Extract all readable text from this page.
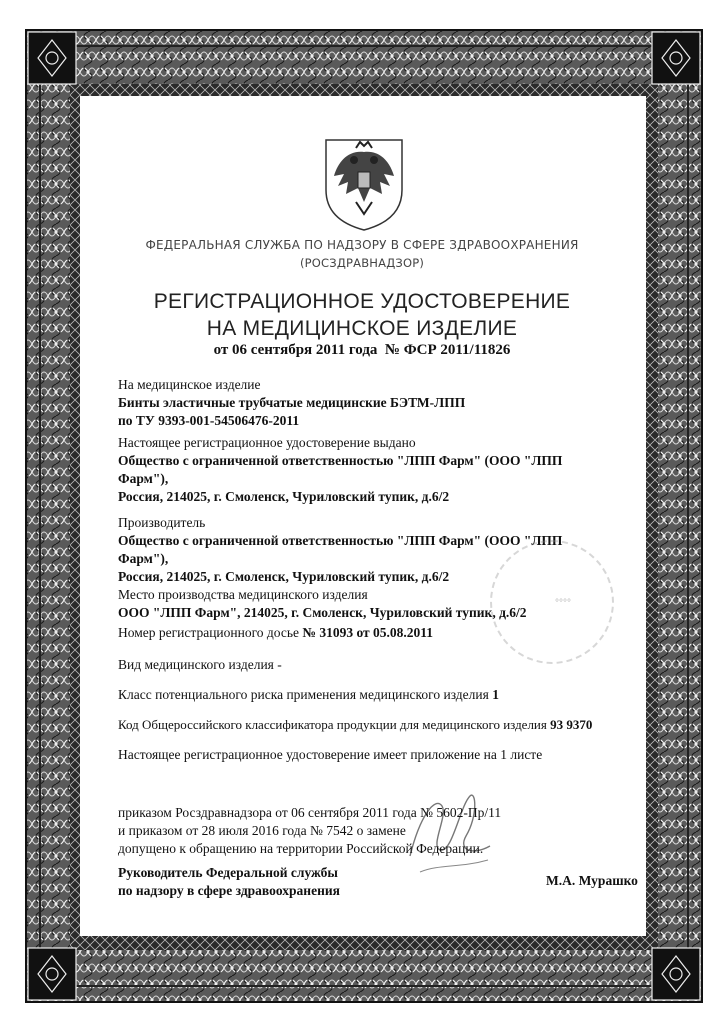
ФЕДЕРАЛЬНАЯ СЛУЖБА ПО НАДЗОРУ В СФЕРЕ ЗДРАВООХРАНЕНИЯ
(РОСЗДРАВНАДЗОР)
РЕГИСТРАЦИОННОЕ УДОСТОВЕРЕНИЕ
НА МЕДИЦИНСКОЕ ИЗДЕЛИЕ
от 06 сентября 2011 года № ФСР 2011/11826
На медицинское изделие
Бинты эластичные трубчатые медицинские БЭТМ-ЛПП
по ТУ 9393-001-54506476-2011
Настоящее регистрационное удостоверение выдано
Общество с ограниченной ответственностью "ЛПП Фарм" (ООО "ЛПП
Фарм"),
Россия, 214025, г. Смоленск, Чуриловский тупик, д.6/2
Производитель
Общество с ограниченной ответственностью "ЛПП Фарм" (ООО "ЛПП
Фарм"),
Россия, 214025, г. Смоленск, Чуриловский тупик, д.6/2
Место производства медицинского изделия
ООО "ЛПП Фарм", 214025, г. Смоленск, Чуриловский тупик, д.6/2
Номер регистрационного досье № 31093 от 05.08.2011
Вид медицинского изделия -
Класс потенциального риска применения медицинского изделия 1
Код Общероссийского классификатора продукции для медицинского изделия 93 9370
Настоящее регистрационное удостоверение имеет приложение на 1 листе
°°°°
приказом Росздравнадзора от 06 сентября 2011 года № 5602-Пр/11
и приказом от 28 июля 2016 года № 7542 о замене
допущено к обращению на территории Российской Федерации.
Руководитель Федеральной службы
по надзору в сфере здравоохранения
М.А. Мурашко
